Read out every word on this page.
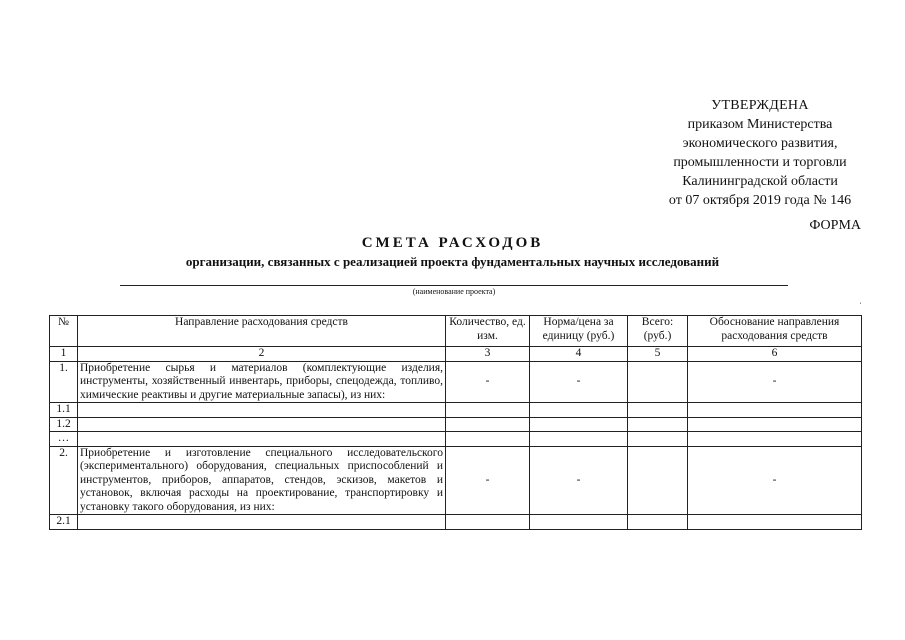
УТВЕРЖДЕНА
приказом Министерства
экономического развития,
промышленности и торговли
Калининградской области
от 07 октября 2019 года № 146
ФОРМА
СМЕТА РАСХОДОВ
организации, связанных с реализацией проекта фундаментальных научных исследований
(наименование проекта)
ˌ
№	Направление расходования средств	Количество, ед. изм.	Норма/цена за единицу (руб.)	Всего: (руб.)	Обоснование направления расходования средств
1	2	3	4	5	6
1.	Приобретение сырья и материалов (комплектующие изделия, инструменты, хозяйственный инвентарь, приборы, спецодежда, топливо, химические реактивы и другие материальные запасы), из них:	-	-		-
1.1					
1.2					
…					
2.	Приобретение и изготовление специального исследовательского (экспериментального) оборудования, специальных приспособлений и инструментов, приборов, аппаратов, стендов, эскизов, макетов и установок, включая расходы на проектирование, транспортировку и установку такого оборудования, из них:	-	-		-
2.1					
